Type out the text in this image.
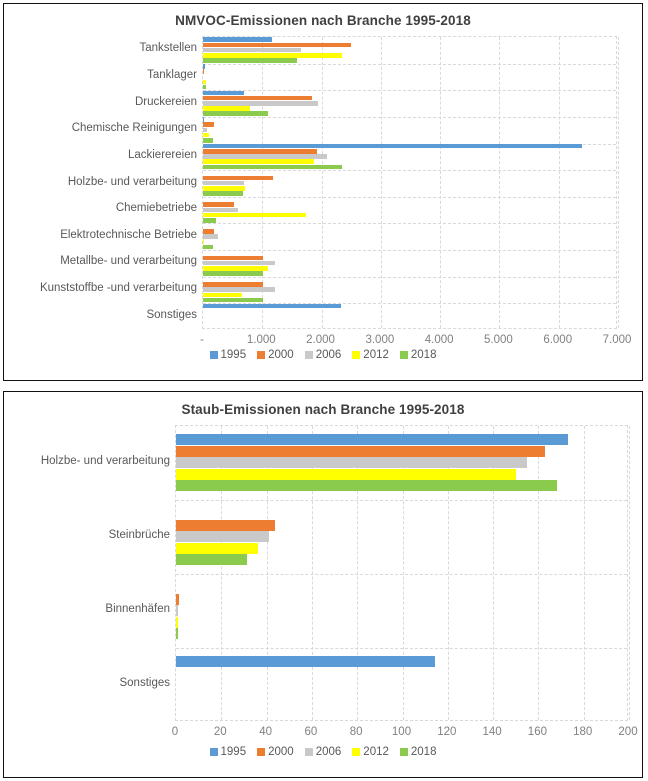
NMVOC-Emissionen nach Branche 1995-2018
Tankstellen
Tanklager
Druckereien
Chemische Reinigungen
Lackierereien
Holzbe- und verarbeitung
Chemiebetriebe
Elektrotechnische Betriebe
Metallbe- und verarbeitung
Kunststoffbe -und verarbeitung
Sonstiges
-	1.000	2.000	3.000	4.000	5.000	6.000	7.000
1995 2000 2006 2012 2018
Staub-Emissionen nach Branche 1995-2018
Holzbe- und verarbeitung
Steinbrüche
Binnenhäfen
Sonstiges
0	20	40	60	80	100	120	140	160	180	200
1995 2000 2006 2012 2018
